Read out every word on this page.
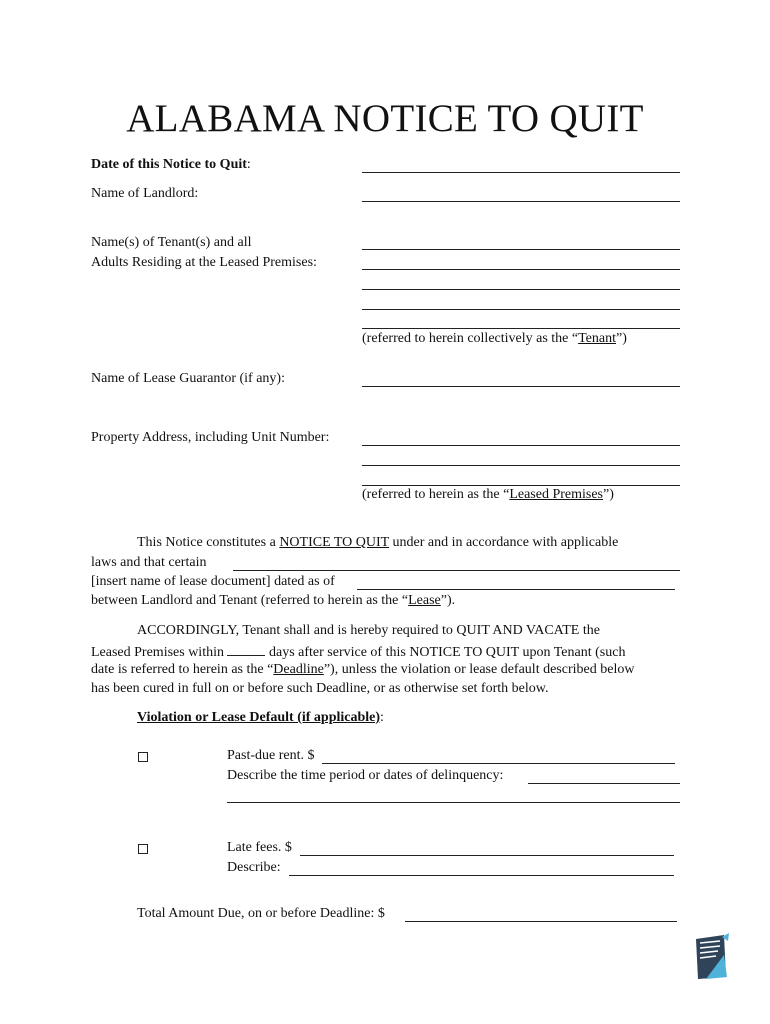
ALABAMA NOTICE TO QUIT
Date of this Notice to Quit:
Name of Landlord:
Name(s) of Tenant(s) and all
Adults Residing at the Leased Premises:
(referred to herein collectively as the “Tenant”)
Name of Lease Guarantor (if any):
Property Address, including Unit Number:
(referred to herein as the “Leased Premises”)
This Notice constitutes a NOTICE TO QUIT under and in accordance with applicable
laws and that certain
[insert name of lease document] dated as of
between Landlord and Tenant (referred to herein as the “Lease”).
ACCORDINGLY, Tenant shall and is hereby required to QUIT AND VACATE the
Leased Premises within	days after service of this NOTICE TO QUIT upon Tenant (such
date is referred to herein as the “Deadline”), unless the violation or lease default described below
has been cured in full on or before such Deadline, or as otherwise set forth below.
Violation or Lease Default (if applicable):
Past-due rent. $
Describe the time period or dates of delinquency:
Late fees. $
Describe:
Total Amount Due, on or before Deadline: $
